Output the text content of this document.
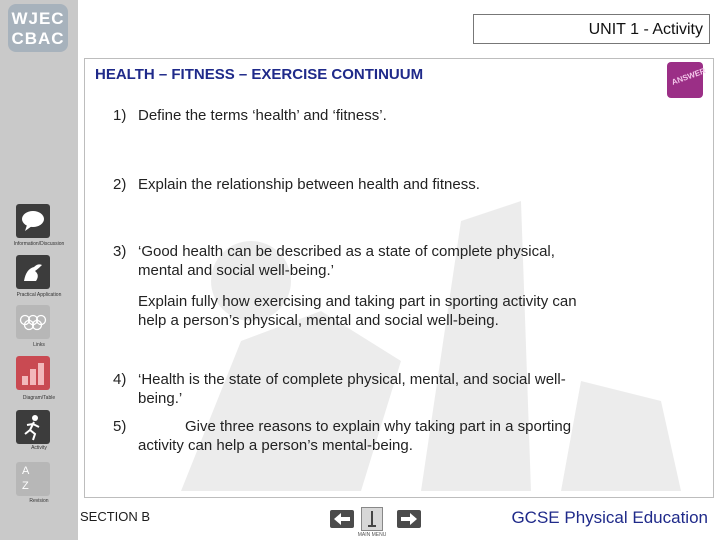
WJEC
CBAC
Information/Discussion
Practical Application
Links
Diagram/Table
Activity
A
Z
Revision
UNIT 1 - Activity
HEALTH – FITNESS – EXERCISE CONTINUUM	ANSWER
1) Define the terms ‘health’ and ‘fitness’.
2) Explain the relationship between health and fitness.
3) ‘Good health can be described as a state of complete physical,
mental and social well-being.’
Explain fully how exercising and taking part in sporting activity can
help a person’s physical, mental and social well-being.
4) ‘Health is the state of complete physical, mental, and social well-
being.’
5)	Give three reasons to explain why taking part in a sporting
activity can help a person’s mental-being.
SECTION B
MAIN MENU
GCSE Physical Education
